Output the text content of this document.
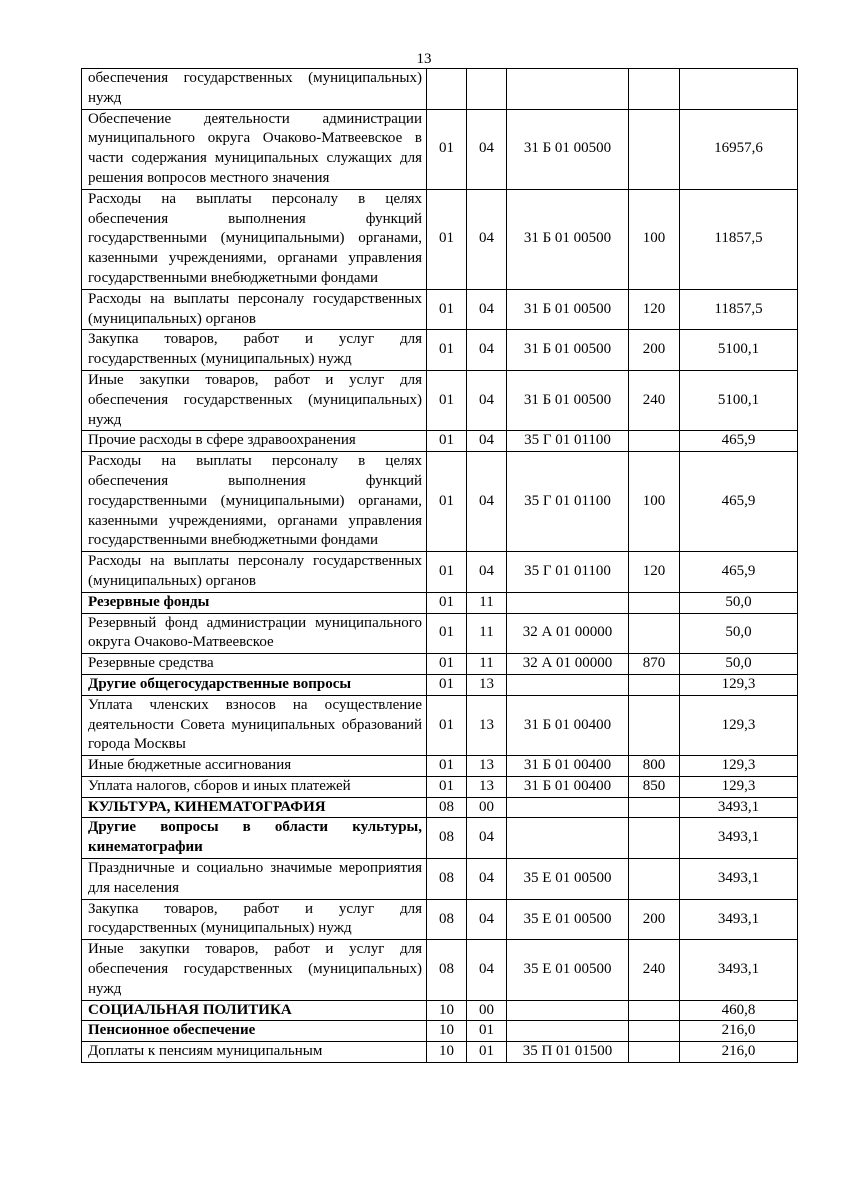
13
обеспечения государственных (муниципальных) нужд					
Обеспечение деятельности администрации муниципального округа Очаково-Матвеевское в части содержания муниципальных служащих для решения вопросов местного значения	01	04	31 Б 01 00500		16957,6
Расходы на выплаты персоналу в целях обеспечения выполнения функций государственными (муниципальными) органами, казенными учреждениями, органами управления государственными внебюджетными фондами	01	04	31 Б 01 00500	100	11857,5
Расходы на выплаты персоналу государственных (муниципальных) органов	01	04	31 Б 01 00500	120	11857,5
Закупка товаров, работ и услуг для государственных (муниципальных) нужд	01	04	31 Б 01 00500	200	5100,1
Иные закупки товаров, работ и услуг для обеспечения государственных (муниципальных) нужд	01	04	31 Б 01 00500	240	5100,1
Прочие расходы в сфере здравоохранения	01	04	35 Г 01 01100		465,9
Расходы на выплаты персоналу в целях обеспечения выполнения функций государственными (муниципальными) органами, казенными учреждениями, органами управления государственными внебюджетными фондами	01	04	35 Г 01 01100	100	465,9
Расходы на выплаты персоналу государственных (муниципальных) органов	01	04	35 Г 01 01100	120	465,9
Резервные фонды	01	11			50,0
Резервный фонд администрации муниципального округа Очаково-Матвеевское	01	11	32 А 01 00000		50,0
Резервные средства	01	11	32 А 01 00000	870	50,0
Другие общегосударственные вопросы	01	13			129,3
Уплата членских взносов на осуществление деятельности Совета муниципальных образований города Москвы	01	13	31 Б 01 00400		129,3
Иные бюджетные ассигнования	01	13	31 Б 01 00400	800	129,3
Уплата налогов, сборов и иных платежей	01	13	31 Б 01 00400	850	129,3
КУЛЬТУРА, КИНЕМАТОГРАФИЯ	08	00			3493,1
Другие вопросы в области культуры, кинематографии	08	04			3493,1
Праздничные и социально значимые мероприятия для населения	08	04	35 Е 01 00500		3493,1
Закупка товаров, работ и услуг для государственных (муниципальных) нужд	08	04	35 Е 01 00500	200	3493,1
Иные закупки товаров, работ и услуг для обеспечения государственных (муниципальных) нужд	08	04	35 Е 01 00500	240	3493,1
СОЦИАЛЬНАЯ ПОЛИТИКА	10	00			460,8
Пенсионное обеспечение	10	01			216,0
Доплаты к пенсиям муниципальным	10	01	35 П 01 01500		216,0
